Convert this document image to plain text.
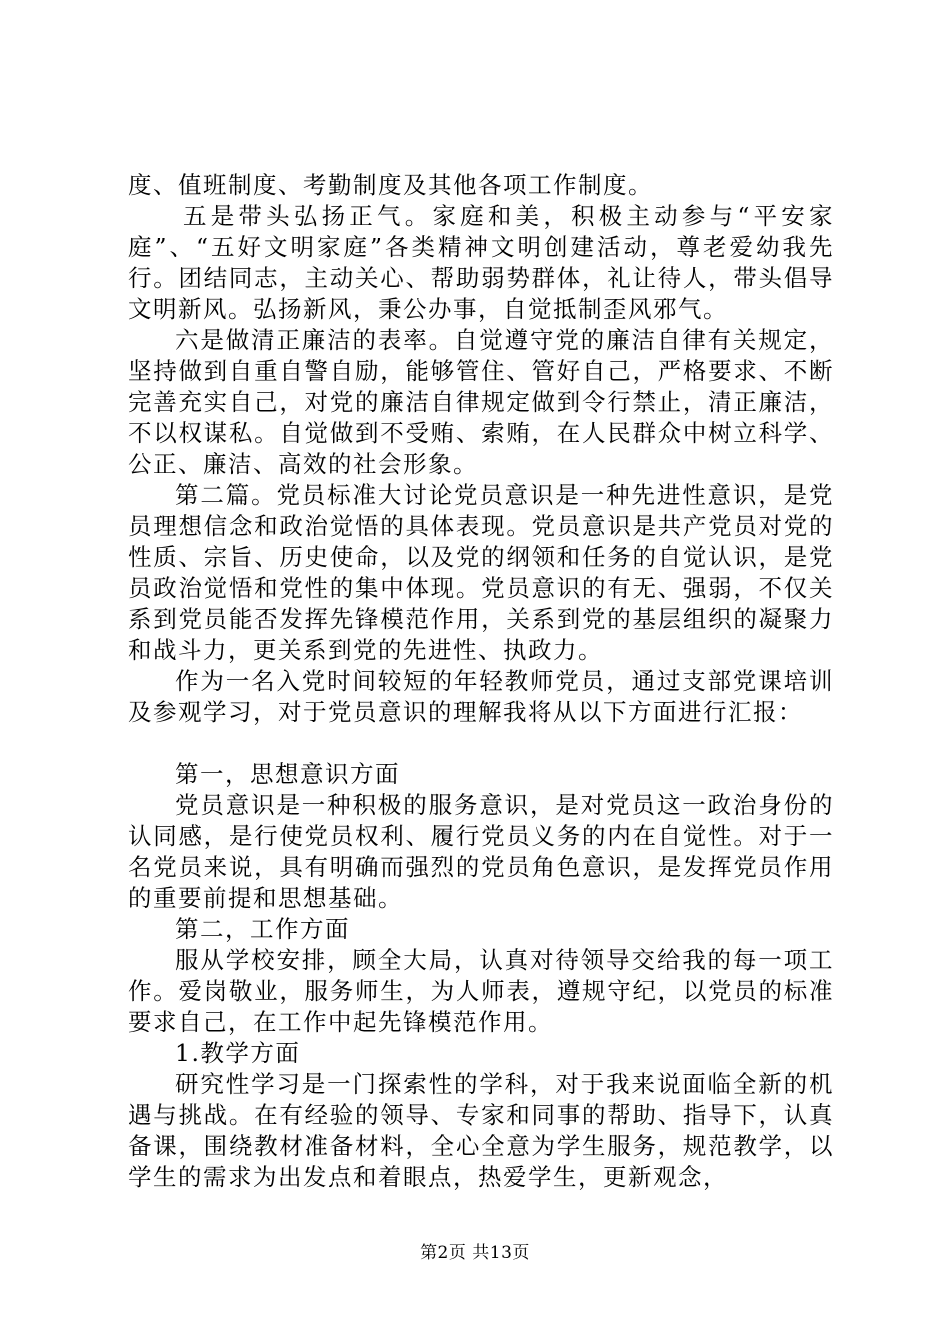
度、值班制度、考勤制度及其他各项工作制度。

五是带头弘扬正气。家庭和美，积极主动参与“平安家庭”、“五好文明家庭”各类精神文明创建活动，尊老爱幼我先行。团结同志，主动关心、帮助弱势群体，礼让待人，带头倡导文明新风。弘扬新风，秉公办事，自觉抵制歪风邪气。

六是做清正廉洁的表率。自觉遵守党的廉洁自律有关规定，坚持做到自重自警自励，能够管住、管好自己，严格要求、不断完善充实自己，对党的廉洁自律规定做到令行禁止，清正廉洁，不以权谋私。自觉做到不受贿、索贿，在人民群众中树立科学、公正、廉洁、高效的社会形象。

第二篇。党员标准大讨论党员意识是一种先进性意识，是党员理想信念和政治觉悟的具体表现。党员意识是共产党员对党的性质、宗旨、历史使命，以及党的纲领和任务的自觉认识，是党员政治觉悟和党性的集中体现。党员意识的有无、强弱，不仅关系到党员能否发挥先锋模范作用，关系到党的基层组织的凝聚力和战斗力，更关系到党的先进性、执政力。

作为一名入党时间较短的年轻教师党员，通过支部党课培训及参观学习，对于党员意识的理解我将从以下方面进行汇报：

第一，思想意识方面

党员意识是一种积极的服务意识，是对党员这一政治身份的认同感，是行使党员权利、履行党员义务的内在自觉性。对于一名党员来说，具有明确而强烈的党员角色意识，是发挥党员作用的重要前提和思想基础。

第二，工作方面

服从学校安排，顾全大局，认真对待领导交给我的每一项工作。爱岗敬业，服务师生，为人师表，遵规守纪，以党员的标准要求自己，在工作中起先锋模范作用。

1.教学方面

研究性学习是一门探索性的学科，对于我来说面临全新的机遇与挑战。在有经验的领导、专家和同事的帮助、指导下，认真备课，围绕教材准备材料，全心全意为学生服务，规范教学，以学生的需求为出发点和着眼点，热爱学生，更新观念，

第2页 共13页
